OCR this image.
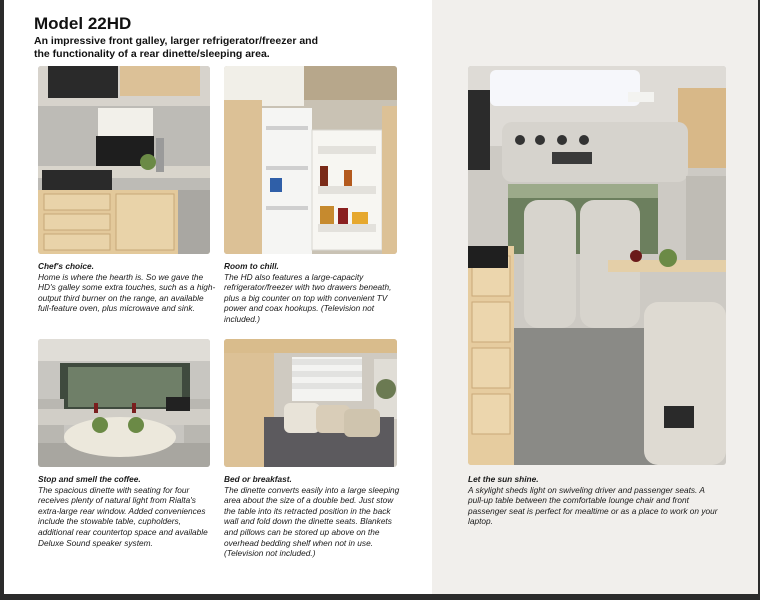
Model 22HD
An impressive front galley, larger refrigerator/freezer and the functionality of a rear dinette/sleeping area.
Chef's choice.
Home is where the hearth is. So we gave the HD's galley some extra touches, such as a high-output third burner on the range, an available full-feature oven, plus microwave and sink.
Room to chill.
The HD also features a large-capacity refrigerator/freezer with two drawers beneath, plus a big counter on top with convenient TV power and coax hookups. (Television not included.)
Stop and smell the coffee.
The spacious dinette with seating for four receives plenty of natural light from Rialta's extra-large rear window. Added conveniences include the stowable table, cupholders, additional rear countertop space and available Deluxe Sound speaker system.
Bed or breakfast.
The dinette converts easily into a large sleeping area about the size of a double bed. Just stow the table into its retracted position in the back wall and fold down the dinette seats. Blankets and pillows can be stored up above on the overhead bedding shelf when not in use. (Television not included.)
Let the sun shine.
A skylight sheds light on swiveling driver and passenger seats. A pull-up table between the comfortable lounge chair and front passenger seat is perfect for mealtime or as a place to work on your laptop.
